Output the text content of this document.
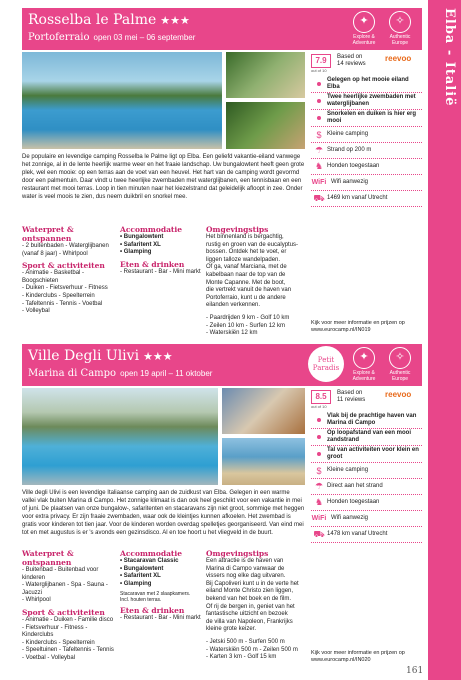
Elba - Italië
Rosselba le Palme ★★★
Portoferraio open 03 mei – 06 september
✦
Explore & Adventure
✧
Authentic Europe
De populaire en levendige camping Rosselba le Palme ligt op Elba. Een geliefd vakantie-eiland vanwege het zonnige, al in de lente heerlijk warme weer en het fraaie landschap. Uw bungalowtent heeft geen grote plek, wel een mooie: op een terras aan de voet van een heuvel. Het hart van de camping wordt gevormd door een palmentuin. Daar vindt u twee heerlijke zwembaden met waterglijbanen, een tennisbaan en een restaurant met mooi terras. Loop in tien minuten naar het kiezelstrand dat geleidelijk afloopt in zee. Onder water is veel moois te zien, dus neem duikbril en snorkel mee.
Waterpret & ontspannen
- 2 buitenbaden - Waterglijbanen
(vanaf 8 jaar) - Whirlpool
Sport & activiteiten
- Animatie - Basketbal - Boogschieten
- Duiken - Fietsverhuur - Fitness
- Kinderclubs - Speelterrein
- Tafeltennis - Tennis - Voetbal
- Volleybal
Accommodatie
• Bungalowtent
• Safaritent XL
• Glamping
Eten & drinken
- Restaurant - Bar - Mini markt
Omgevingstips
Het binnenland is bergachtig,
rustig en groen van de eucalyptus-
bossen. Ontdek het te voet, er
liggen talloze wandelpaden.
Of ga, vanaf Marciana, met de
kabelbaan naar de top van de
Monte Capanne. Met de boot,
die vertrekt vanuit de haven van
Portoferraio, kunt u de andere
eilanden verkennen.
- Paardrijden 9 km - Golf 10 km
- Zeilen 10 km - Surfen 12 km
- Waterskiën 12 km
7.9
out of 10
Based on
14 reviews
reevoo
Gelegen op het mooie eiland Elba
Twee heerlijke zwembaden met waterglijbanen
Snorkelen en duiken is hier erg mooi
$ Kleine camping
☂ Strand op 200 m
♞ Honden toegestaan
WiFi Wifi aanwezig
⛟ 1469 km vanaf Utrecht
Kijk voor meer informatie en prijzen op www.eurocamp.nl/IN019
Ville Degli Ulivi ★★★
Marina di Campo open 19 april – 11 oktober
Petit Paradis
✦
Explore & Adventure
✧
Authentic Europe
Ville degli Ulivi is een levendige Italiaanse camping aan de zuidkust van Elba. Gelegen in een warme vallei vlak buiten Marina di Campo. Het zonnige klimaat is dan ook heel geschikt voor een vakantie in mei of juni. De plaatsen van onze bungalow-, safaritenten en stacaravans zijn niet groot, sommige met heggen voor extra privacy. Er zijn fraaie zwembaden, waar ook de kleintjes kunnen afkoelen. Het zwembad is gratis voor kinderen tot tien jaar. Voor de kinderen worden overdag spelletjes georganiseerd. Van eind mei tot en met augustus is er 's avonds een gezinsdisco. Al en toe hoort u het vliegveld in de buurt.
Waterpret & ontspannen
- Buitenbad - Buitenbad voor kinderen
- Waterglijbanen - Spa - Sauna - Jacuzzi
- Whirlpool
Sport & activiteiten
- Animatie - Duiken - Familie disco
- Fietsverhuur - Fitness - Kinderclubs
- Kinderclubs - Speelterrein
- Speeltuinen - Tafeltennis - Tennis
- Voetbal - Volleybal
Accommodatie
• Stacaravan Classic
• Bungalowtent
• Safaritent XL
• Glamping
Stacaravan met 2 slaapkamers.
Incl. houten terras.
Eten & drinken
- Restaurant - Bar - Mini markt
Omgevingstips
Een attractie is de haven van
Marina di Campo vanwaar de
vissers nog elke dag uitvaren.
Bij Capoliveri kunt u in de verte het
eiland Monte Christo zien liggen,
bekend van het boek en de film.
Of rij de bergen in, geniet van het
fantastische uitzicht en bezoek
de villa van Napoleon, Frankrijks
kleine grote keizer.
- Jetski 500 m - Surfen 500 m
- Waterskiën 500 m - Zeilen 500 m
- Karten 3 km - Golf 15 km
8.5
out of 10
Based on
11 reviews
reevoo
Vlak bij de prachtige haven van Marina di Campo
Op loopafstand van een mooi zandstrand
Tal van activiteiten voor klein en groot
$ Kleine camping
☂ Direct aan het strand
♞ Honden toegestaan
WiFi Wifi aanwezig
⛟ 1478 km vanaf Utrecht
Kijk voor meer informatie en prijzen op www.eurocamp.nl/IN020
161
